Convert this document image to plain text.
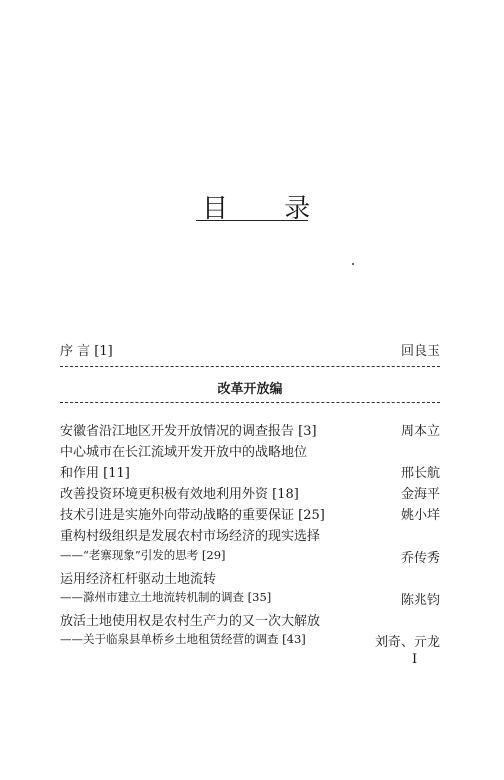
目 录
序 言 [1]	回良玉
改革开放编
安徽省沿江地区开发开放情况的调查报告 [3]	周本立
中心城市在长江流域开发开放中的战略地位
和作用 [11]	邢长航
改善投资环境更积极有效地利用外资 [18]	金海平
技术引进是实施外向带动战略的重要保证 [25]	姚小垟
重构村级组织是发展农村市场经济的现实选择
——“老寨现象”引发的思考 [29]	乔传秀
运用经济杠杆驱动土地流转
——滁州市建立土地流转机制的调查 [35]	陈兆钧
放活土地使用权是农村生产力的又一次大解放
——关于临泉县单桥乡土地租赁经营的调查 [43]	刘奇、亓龙
I
